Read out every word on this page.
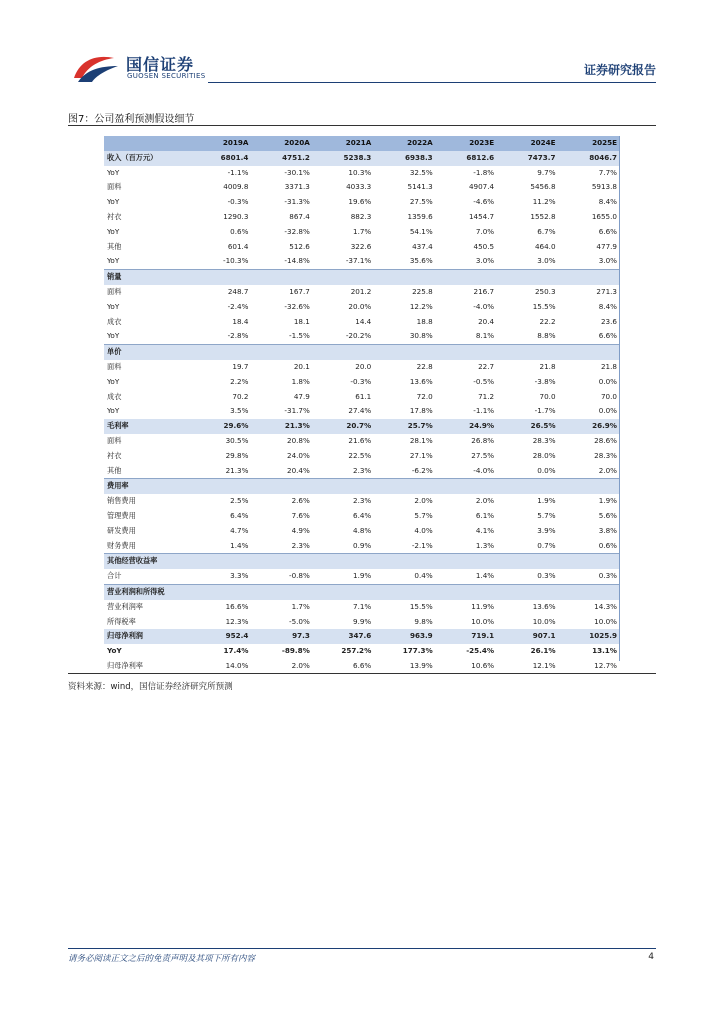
国信证券
GUOSEN SECURITIES	证券研究报告
图7：公司盈利预测假设细节
	2019A	2020A	2021A	2022A	2023E	2024E	2025E
收入（百万元）	6801.4	4751.2	5238.3	6938.3	6812.6	7473.7	8046.7
YoY	-1.1%	-30.1%	10.3%	32.5%	-1.8%	9.7%	7.7%
面料	4009.8	3371.3	4033.3	5141.3	4907.4	5456.8	5913.8
YoY	-0.3%	-31.3%	19.6%	27.5%	-4.6%	11.2%	8.4%
衬衣	1290.3	867.4	882.3	1359.6	1454.7	1552.8	1655.0
YoY	0.6%	-32.8%	1.7%	54.1%	7.0%	6.7%	6.6%
其他	601.4	512.6	322.6	437.4	450.5	464.0	477.9
YoY	-10.3%	-14.8%	-37.1%	35.6%	3.0%	3.0%	3.0%
销量							
面料	248.7	167.7	201.2	225.8	216.7	250.3	271.3
YoY	-2.4%	-32.6%	20.0%	12.2%	-4.0%	15.5%	8.4%
成衣	18.4	18.1	14.4	18.8	20.4	22.2	23.6
YoY	-2.8%	-1.5%	-20.2%	30.8%	8.1%	8.8%	6.6%
单价							
面料	19.7	20.1	20.0	22.8	22.7	21.8	21.8
YoY	2.2%	1.8%	-0.3%	13.6%	-0.5%	-3.8%	0.0%
成衣	70.2	47.9	61.1	72.0	71.2	70.0	70.0
YoY	3.5%	-31.7%	27.4%	17.8%	-1.1%	-1.7%	0.0%
毛利率	29.6%	21.3%	20.7%	25.7%	24.9%	26.5%	26.9%
面料	30.5%	20.8%	21.6%	28.1%	26.8%	28.3%	28.6%
衬衣	29.8%	24.0%	22.5%	27.1%	27.5%	28.0%	28.3%
其他	21.3%	20.4%	2.3%	-6.2%	-4.0%	0.0%	2.0%
费用率							
销售费用	2.5%	2.6%	2.3%	2.0%	2.0%	1.9%	1.9%
管理费用	6.4%	7.6%	6.4%	5.7%	6.1%	5.7%	5.6%
研发费用	4.7%	4.9%	4.8%	4.0%	4.1%	3.9%	3.8%
财务费用	1.4%	2.3%	0.9%	-2.1%	1.3%	0.7%	0.6%
其他经营收益率							
合计	3.3%	-0.8%	1.9%	0.4%	1.4%	0.3%	0.3%
营业利润和所得税							
营业利润率	16.6%	1.7%	7.1%	15.5%	11.9%	13.6%	14.3%
所得税率	12.3%	-5.0%	9.9%	9.8%	10.0%	10.0%	10.0%
归母净利润	952.4	97.3	347.6	963.9	719.1	907.1	1025.9
YoY	17.4%	-89.8%	257.2%	177.3%	-25.4%	26.1%	13.1%
归母净利率	14.0%	2.0%	6.6%	13.9%	10.6%	12.1%	12.7%
资料来源：wind，国信证券经济研究所预测
请务必阅读正文之后的免责声明及其项下所有内容	4
